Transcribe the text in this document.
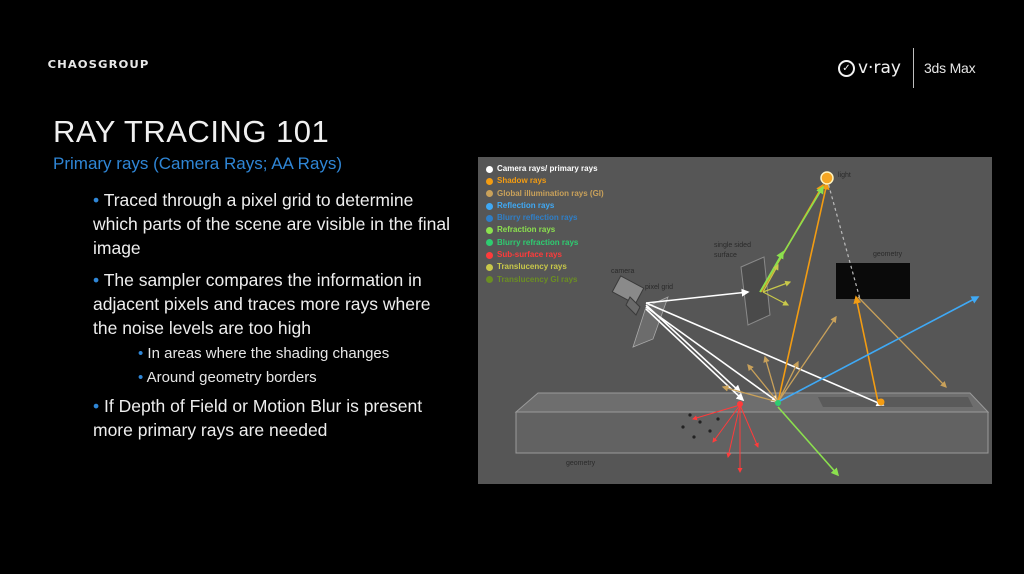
CHAOSGROUP	✓ v·ray 3ds Max
RAY TRACING 101
Primary rays (Camera Rays; AA Rays)
• Traced through a pixel grid to determine which parts of the scene are visible in the final image
• The sampler compares the information in adjacent pixels and traces more rays where the noise levels are too high
• In areas where the shading changes
• Around geometry borders
• If Depth of Field or Motion Blur is present more primary rays are needed
Camera rays/ primary rays
Shadow rays
Global illumination rays (GI)
Reflection rays
Blurry reflection rays
Refraction rays
Blurry refraction rays
Sub-surface rays
Translucency rays
Translucency GI rays
light
single sided
surface	geometry
camera
pixel grid
geometry
